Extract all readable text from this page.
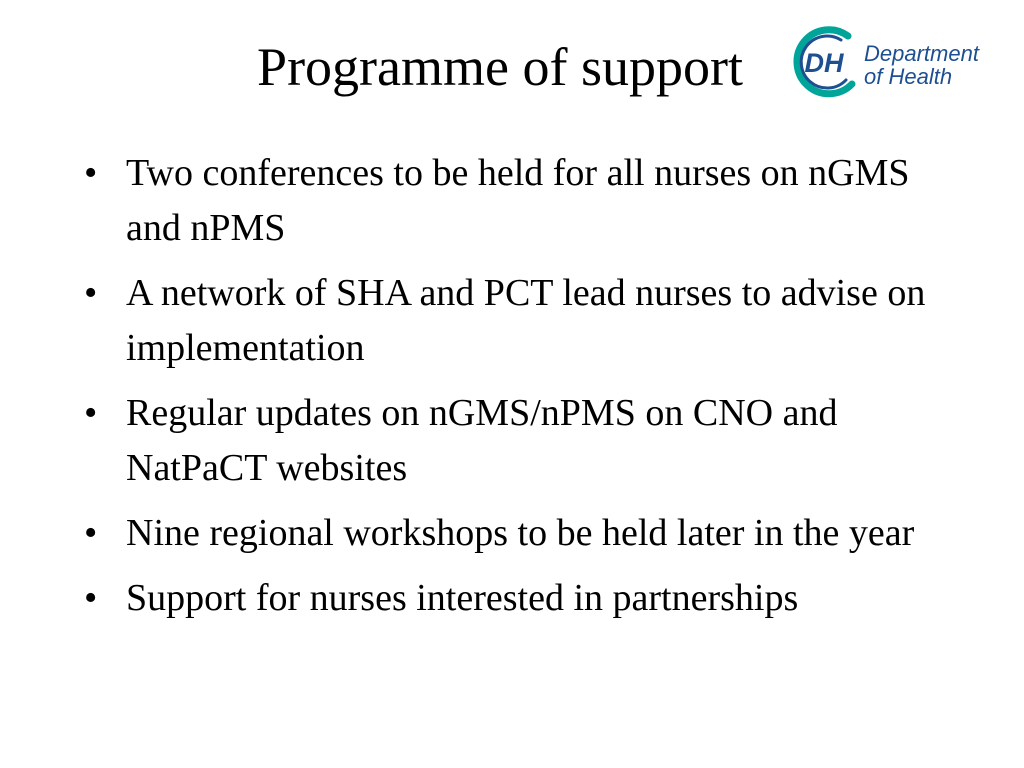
Programme of support	DH Department
of Health
• Two conferences to be held for all nurses on nGMS and nPMS
• A network of SHA and PCT lead nurses to advise on implementation
• Regular updates on nGMS/nPMS on CNO and NatPaCT websites
• Nine regional workshops to be held later in the year
• Support for nurses interested in partnerships
